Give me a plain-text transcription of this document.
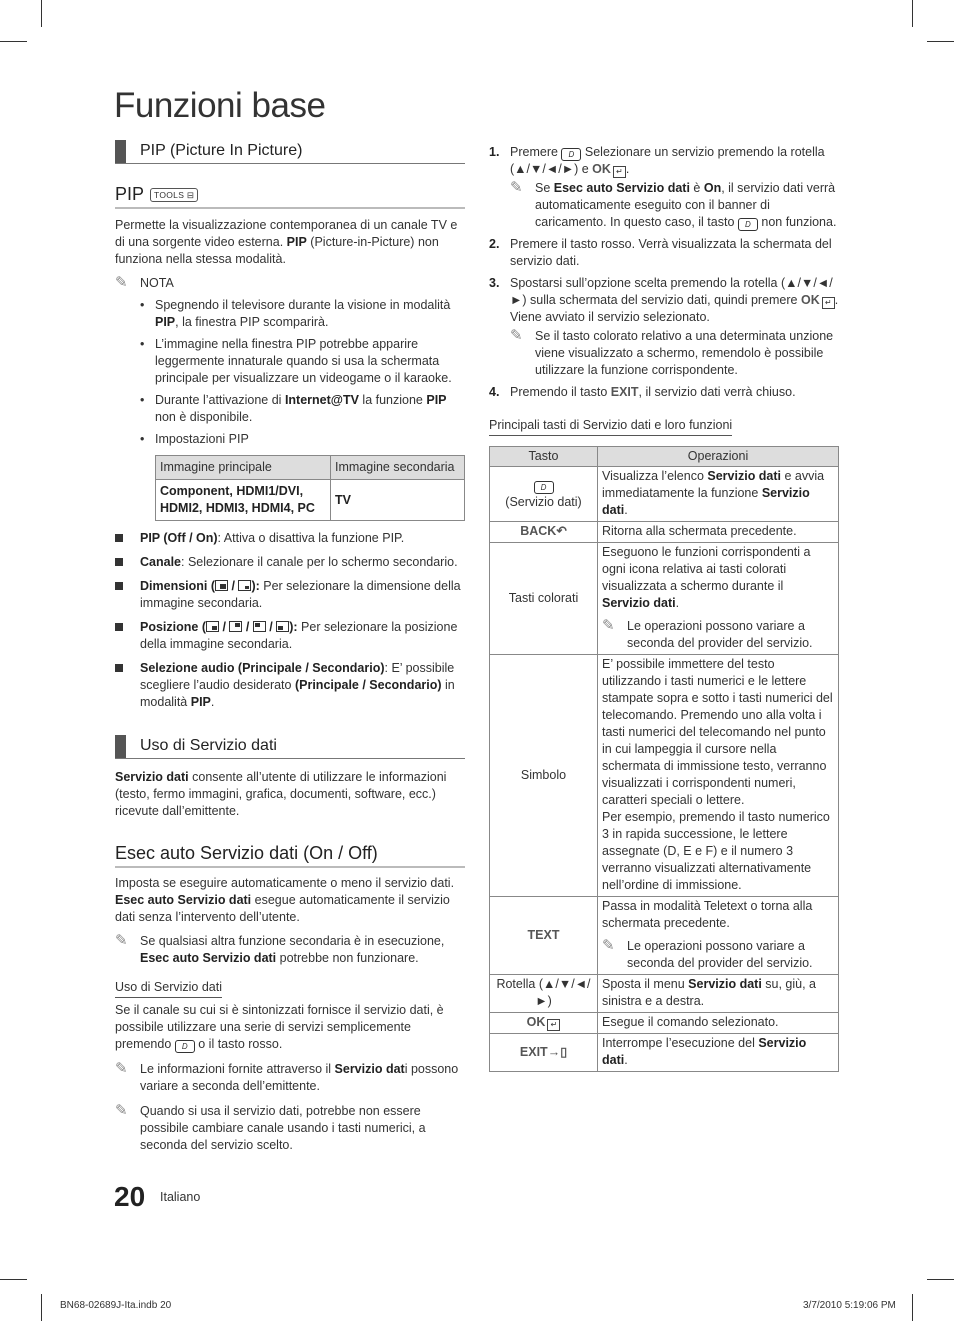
Funzioni base
PIP (Picture In Picture)
PIP TOOLS ⊟

Permette la visualizzazione contemporanea di un canale TV e di una sorgente video esterna. PIP (Picture-in-Picture) non funziona nella stessa modalità.

✎ NOTA
• Spegnendo il televisore durante la visione in modalità PIP, la finestra PIP scomparirà.
• L’immagine nella finestra PIP potrebbe apparire leggermente innaturale quando si usa la schermata principale per visualizzare un videogame o il karaoke.
• Durante l’attivazione di Internet@TV la funzione PIP non è disponibile.
• Impostazioni PIP
Immagine principale	Immagine secondaria
Component, HDMI1/DVI, HDMI2, HDMI3, HDMI4, PC	TV
PIP (Off / On): Attiva o disattiva la funzione PIP.
Canale: Selezionare il canale per lo schermo secondario.
Dimensioni (
/
): Per selezionare la dimensione della immagine secondaria.
Posizione (
/
/
/
): Per selezionare la posizione della immagine secondaria.
Selezione audio (Principale / Secondario): E’ possibile scegliere l’audio desiderato (Principale / Secondario) in modalità PIP.
Uso di Servizio dati

Servizio dati consente all’utente di utilizzare le informazioni (testo, fermo immagini, grafica, documenti, software, ecc.) ricevute dall’emittente.

Esec auto Servizio dati (On / Off)

Imposta se eseguire automaticamente o meno il servizio dati. Esec auto Servizio dati esegue automaticamente il servizio dati senza l’intervento dell’utente.

✎ Se qualsiasi altra funzione secondaria è in esecuzione, Esec auto Servizio dati potrebbe non funzionare.

Uso di Servizio dati

Se il canale su cui si è sintonizzati fornisce il servizio dati, è possibile utilizzare una serie di servizi semplicemente premendo D o il tasto rosso.

✎ Le informazioni fornite attraverso il Servizio dati possono variare a seconda dell’emittente.
✎ Quando si usa il servizio dati, potrebbe non essere possibile cambiare canale usando i tasti numerici, a seconda del servizio scelto.
1. Premere D Selezionare un servizio premendo la rotella (▲/▼/◄/►) e OK ↵ .
✎ Se Esec auto Servizio dati è On, il servizio dati verrà automaticamente eseguito con il banner di caricamento. In questo caso, il tasto D non funziona.
2. Premere il tasto rosso. Verrà visualizzata la schermata del servizio dati.
3. Spostarsi sull’opzione scelta premendo la rotella (▲/▼/◄/►) sulla schermata del servizio dati, quindi premere OK ↵ . Viene avviato il servizio selezionato.
✎ Se il tasto colorato relativo a una determinata unzione viene visualizzato a schermo, remendolo è possibile utilizzare la funzione corrispondente.
4. Premendo il tasto EXIT, il servizio dati verrà chiuso.

Principali tasti di Servizio dati e loro funzioni

Tasto	Operazioni
D
(Servizio dati)	Visualizza l’elenco Servizio dati e avvia immediatamente la funzione Servizio dati.
BACK↶	Ritorna alla schermata precedente.
Tasti colorati	Eseguono le funzioni corrispondenti a ogni icona relativa ai tasti colorati visualizzata a schermo durante il Servizio dati.
✎ Le operazioni possono variare a seconda del provider del servizio.

Simbolo	E’ possibile immettere del testo utilizzando i tasti numerici e le lettere stampate sopra e sotto i tasti numerici del telecomando. Premendo uno alla volta i tasti numerici del telecomando nel punto in cui lampeggia il cursore nella schermata di immissione testo, verranno visualizzati i corrispondenti numeri, caratteri speciali o lettere.
Per esempio, premendo il tasto numerico 3 in rapida successione, le lettere assegnate (D, E e F) e il numero 3 verranno visualizzati alternativamente nell’ordine di immissione.
TEXT	Passa in modalità Teletext o torna alla schermata precedente.
✎ Le operazioni possono variare a seconda del provider del servizio.

Rotella (▲/▼/◄/►)	Sposta il menu Servizio dati su, giù, a sinistra e a destra.
OK ↵	Esegue il comando selezionato.
EXIT→▯	Interrompe l’esecuzione del Servizio dati.
20 Italiano
BN68-02689J-Ita.indb 20	3/7/2010 5:19:06 PM
